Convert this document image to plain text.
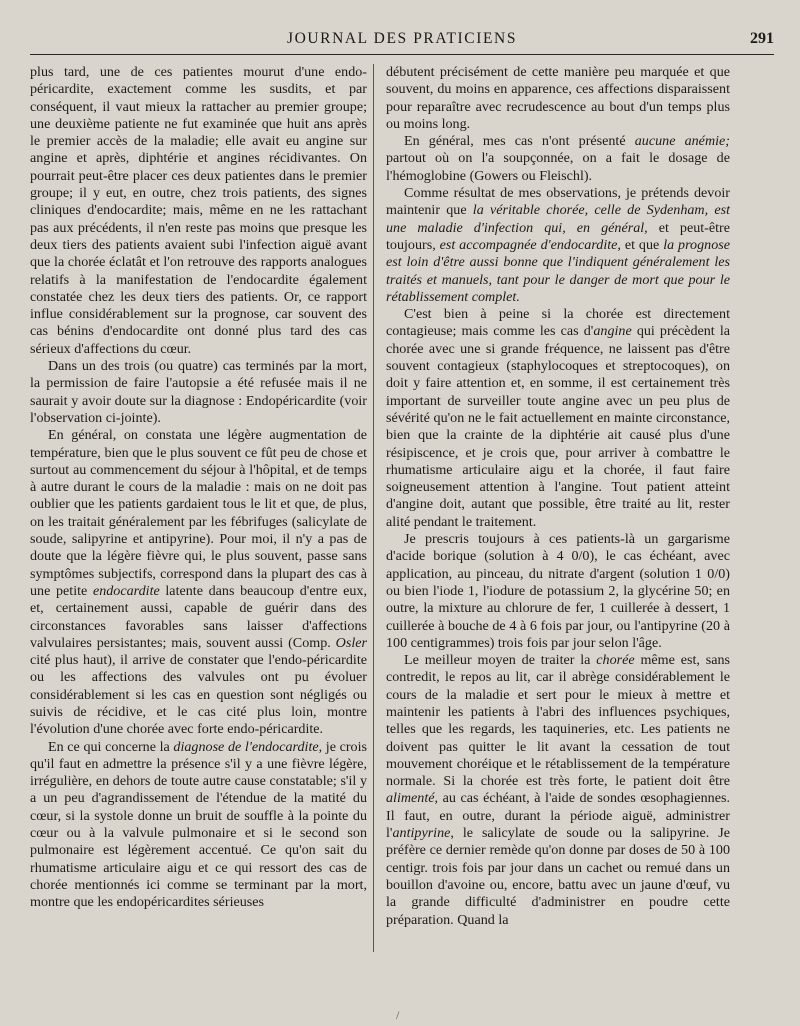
JOURNAL DES PRATICIENS	291

plus tard, une de ces patientes mourut d'une endo-péricardite, exactement comme les susdits, et par conséquent, il vaut mieux la rattacher au premier groupe; une deuxième patiente ne fut examinée que huit ans après le premier accès de la maladie; elle avait eu angine sur angine et après, diphtérie et angines récidivantes. On pourrait peut-être placer ces deux patientes dans le premier groupe; il y eut, en outre, chez trois patients, des signes cliniques d'endocardite; mais, même en ne les rattachant pas aux précédents, il n'en reste pas moins que presque les deux tiers des patients avaient subi l'infection aiguë avant que la chorée éclatât et l'on retrouve des rapports analogues relatifs à la manifestation de l'endocardite également constatée chez les deux tiers des patients. Or, ce rapport influe considérablement sur la prognose, car souvent des cas bénins d'endocardite ont donné plus tard des cas sérieux d'affections du cœur.

Dans un des trois (ou quatre) cas terminés par la mort, la permission de faire l'autopsie a été refusée mais il ne saurait y avoir doute sur la diagnose : Endopéricardite (voir l'observation ci-jointe).

En général, on constata une légère augmentation de température, bien que le plus souvent ce fût peu de chose et surtout au commencement du séjour à l'hôpital, et de temps à autre durant le cours de la maladie : mais on ne doit pas oublier que les patients gardaient tous le lit et que, de plus, on les traitait généralement par les fébrifuges (salicylate de soude, salipyrine et antipyrine). Pour moi, il n'y a pas de doute que la légère fièvre qui, le plus souvent, passe sans symptômes subjectifs, correspond dans la plupart des cas à une petite endocardite latente dans beaucoup d'entre eux, et, certainement aussi, capable de guérir dans des circonstances favorables sans laisser d'affections valvulaires persistantes; mais, souvent aussi (Comp. Osler cité plus haut), il arrive de constater que l'endo-péricardite ou les affections des valvules ont pu évoluer considérablement si les cas en question sont négligés ou suivis de récidive, et le cas cité plus loin, montre l'évolution d'une chorée avec forte endo-péricardite.

En ce qui concerne la diagnose de l'endocardite, je crois qu'il faut en admettre la présence s'il y a une fièvre légère, irrégulière, en dehors de toute autre cause constatable; s'il y a un peu d'agrandissement de l'étendue de la matité du cœur, si la systole donne un bruit de souffle à la pointe du cœur ou à la valvule pulmonaire et si le second son pulmonaire est légèrement accentué. Ce qu'on sait du rhumatisme articulaire aigu et ce qui ressort des cas de chorée mentionnés ici comme se terminant par la mort, montre que les endopéricardites sérieuses

débutent précisément de cette manière peu marquée et que souvent, du moins en apparence, ces affections disparaissent pour reparaître avec recrudescence au bout d'un temps plus ou moins long.

En général, mes cas n'ont présenté aucune anémie; partout où on l'a soupçonnée, on a fait le dosage de l'hémoglobine (Gowers ou Fleischl).

Comme résultat de mes observations, je prétends devoir maintenir que la véritable chorée, celle de Sydenham, est une maladie d'infection qui, en général, et peut-être toujours, est accompagnée d'endocardite, et que la prognose est loin d'être aussi bonne que l'indiquent généralement les traités et manuels, tant pour le danger de mort que pour le rétablissement complet.

C'est bien à peine si la chorée est directement contagieuse; mais comme les cas d'angine qui précèdent la chorée avec une si grande fréquence, ne laissent pas d'être souvent contagieux (staphylocoques et streptocoques), on doit y faire attention et, en somme, il est certainement très important de surveiller toute angine avec un peu plus de sévérité qu'on ne le fait actuellement en mainte circonstance, bien que la crainte de la diphtérie ait causé plus d'une résipiscence, et je crois que, pour arriver à combattre le rhumatisme articulaire aigu et la chorée, il faut faire soigneusement attention à l'angine. Tout patient atteint d'angine doit, autant que possible, être traité au lit, rester alité pendant le traitement.

Je prescris toujours à ces patients-là un gargarisme d'acide borique (solution à 4 0/0), le cas échéant, avec application, au pinceau, du nitrate d'argent (solution 1 0/0) ou bien l'iode 1, l'iodure de potassium 2, la glycérine 50; en outre, la mixture au chlorure de fer, 1 cuillerée à dessert, 1 cuillerée à bouche de 4 à 6 fois par jour, ou l'antipyrine (20 à 100 centigrammes) trois fois par jour selon l'âge.

Le meilleur moyen de traiter la chorée même est, sans contredit, le repos au lit, car il abrège considérablement le cours de la maladie et sert pour le mieux à mettre et maintenir les patients à l'abri des influences psychiques, telles que les regards, les taquineries, etc. Les patients ne doivent pas quitter le lit avant la cessation de tout mouvement choréique et le rétablissement de la température normale. Si la chorée est très forte, le patient doit être alimenté, au cas échéant, à l'aide de sondes œsophagiennes. Il faut, en outre, durant la période aiguë, administrer l'antipyrine, le salicylate de soude ou la salipyrine. Je préfère ce dernier remède qu'on donne par doses de 50 à 100 centigr. trois fois par jour dans un cachet ou remué dans un bouillon d'avoine ou, encore, battu avec un jaune d'œuf, vu la grande difficulté d'administrer en poudre cette préparation. Quand la

/
